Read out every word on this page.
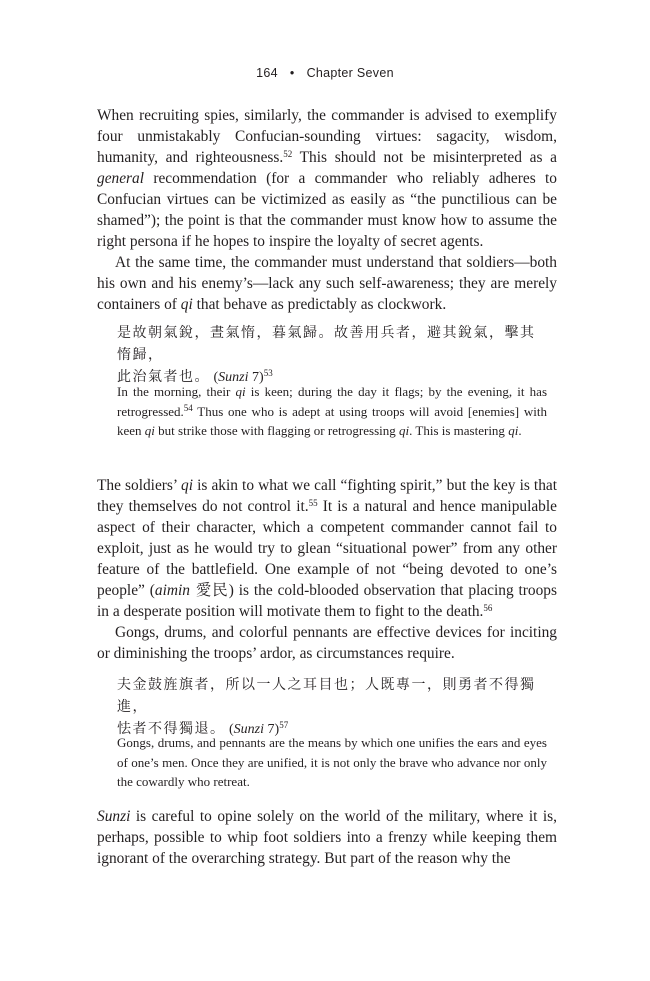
164 • Chapter Seven

When recruiting spies, similarly, the commander is advised to exemplify four unmistakably Confucian-sounding virtues: sagacity, wisdom, humanity, and righteousness.$^{52}$ This should not be misinterpreted as a general recommendation (for a commander who reliably adheres to Confucian virtues can be victimized as easily as “the punctilious can be shamed”); the point is that the commander must know how to assume the right persona if he hopes to inspire the loyalty of secret agents.

At the same time, the commander must understand that soldiers—both his own and his enemy’s—lack any such self-awareness; they are merely containers of qi that behave as predictably as clockwork.

是故朝氣銳，晝氣惰，暮氣歸。故善用兵者，避其銳氣，擊其惰歸，
此治氣者也。 (Sunzi 7)$^{53}$

In the morning, their qi is keen; during the day it flags; by the evening, it has retrogressed.$^{54}$ Thus one who is adept at using troops will avoid [enemies] with keen qi but strike those with flagging or retrogressing qi. This is mastering qi.

The soldiers’ qi is akin to what we call “fighting spirit,” but the key is that they themselves do not control it.$^{55}$ It is a natural and hence manipulable aspect of their character, which a competent commander cannot fail to exploit, just as he would try to glean “situational power” from any other feature of the battlefield. One example of not “being devoted to one’s people” (aimin 愛民) is the cold-blooded observation that placing troops in a desperate position will motivate them to fight to the death.$^{56}$

Gongs, drums, and colorful pennants are effective devices for inciting or diminishing the troops’ ardor, as circumstances require.

夫金鼓旌旗者，所以一人之耳目也；人既專一，則勇者不得獨進，
怯者不得獨退。 (Sunzi 7)$^{57}$

Gongs, drums, and pennants are the means by which one unifies the ears and eyes of one’s men. Once they are unified, it is not only the brave who advance nor only the cowardly who retreat.

Sunzi is careful to opine solely on the world of the military, where it is, perhaps, possible to whip foot soldiers into a frenzy while keeping them ignorant of the overarching strategy. But part of the reason why the
